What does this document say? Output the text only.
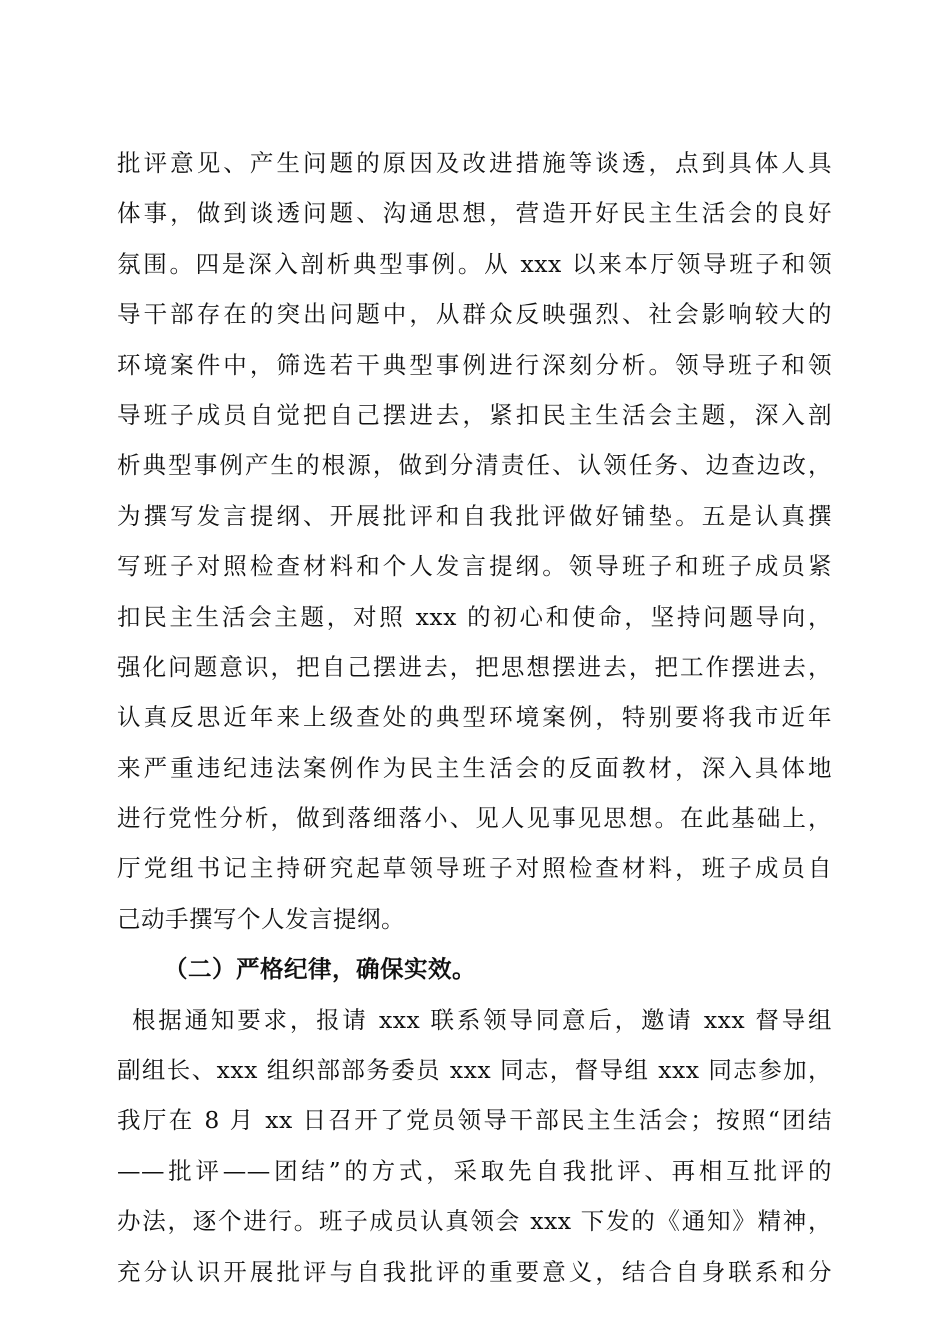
批评意见、产生问题的原因及改进措施等谈透，点到具体人具
体事，做到谈透问题、沟通思想，营造开好民主生活会的良好
氛围。四是深入剖析典型事例。从 xxx 以来本厅领导班子和领
导干部存在的突出问题中，从群众反映强烈、社会影响较大的
环境案件中，筛选若干典型事例进行深刻分析。领导班子和领
导班子成员自觉把自己摆进去，紧扣民主生活会主题，深入剖
析典型事例产生的根源，做到分清责任、认领任务、边查边改，
为撰写发言提纲、开展批评和自我批评做好铺垫。五是认真撰
写班子对照检查材料和个人发言提纲。领导班子和班子成员紧
扣民主生活会主题，对照 xxx 的初心和使命，坚持问题导向，
强化问题意识，把自己摆进去，把思想摆进去，把工作摆进去，
认真反思近年来上级查处的典型环境案例，特别要将我市近年
来严重违纪违法案例作为民主生活会的反面教材，深入具体地
进行党性分析，做到落细落小、见人见事见思想。在此基础上，
厅党组书记主持研究起草领导班子对照检查材料，班子成员自
己动手撰写个人发言提纲。
（二）严格纪律，确保实效。
根据通知要求，报请 xxx 联系领导同意后，邀请 xxx 督导组
副组长、xxx 组织部部务委员 xxx 同志，督导组 xxx 同志参加，
我厅在 8 月 xx 日召开了党员领导干部民主生活会；按照“团结
——批评——团结”的方式，采取先自我批评、再相互批评的
办法，逐个进行。班子成员认真领会 xxx 下发的《通知》精神，
充分认识开展批评与自我批评的重要意义，结合自身联系和分
